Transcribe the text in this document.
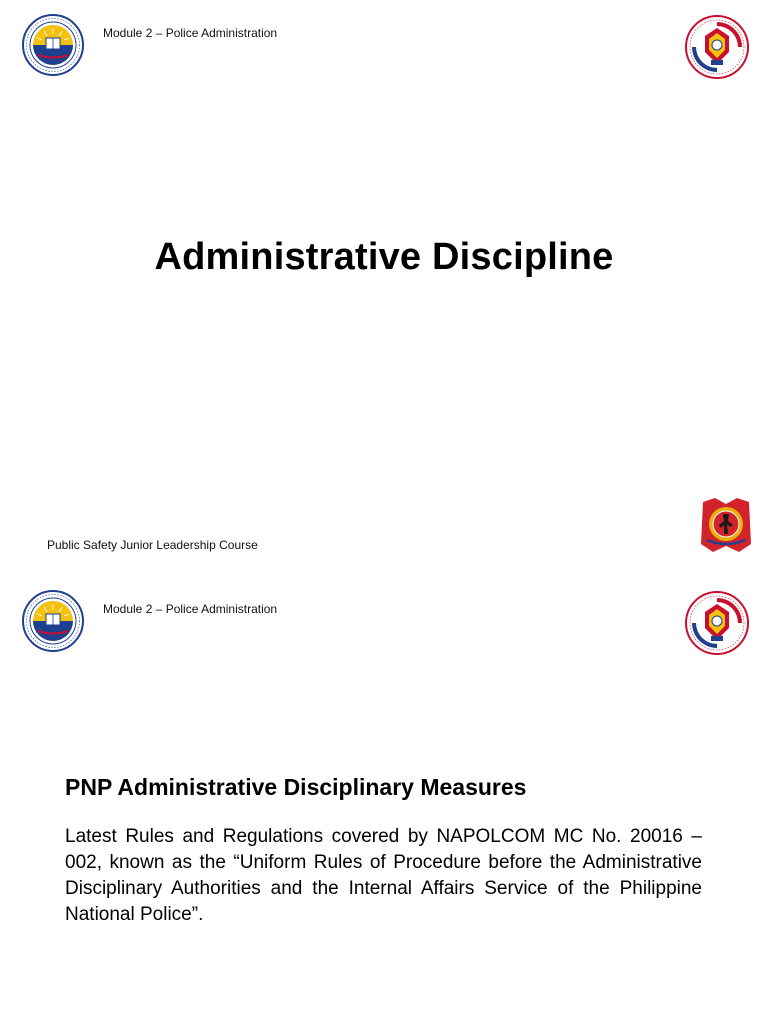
Module 2 – Police Administration
Administrative Discipline
Public Safety Junior Leadership Course
Module 2 – Police Administration
PNP Administrative Disciplinary Measures
Latest Rules and Regulations covered by NAPOLCOM MC No. 20016 – 002, known as the “Uniform Rules of Procedure before the Administrative Disciplinary Authorities and the Internal Affairs Service of the Philippine National Police”.
